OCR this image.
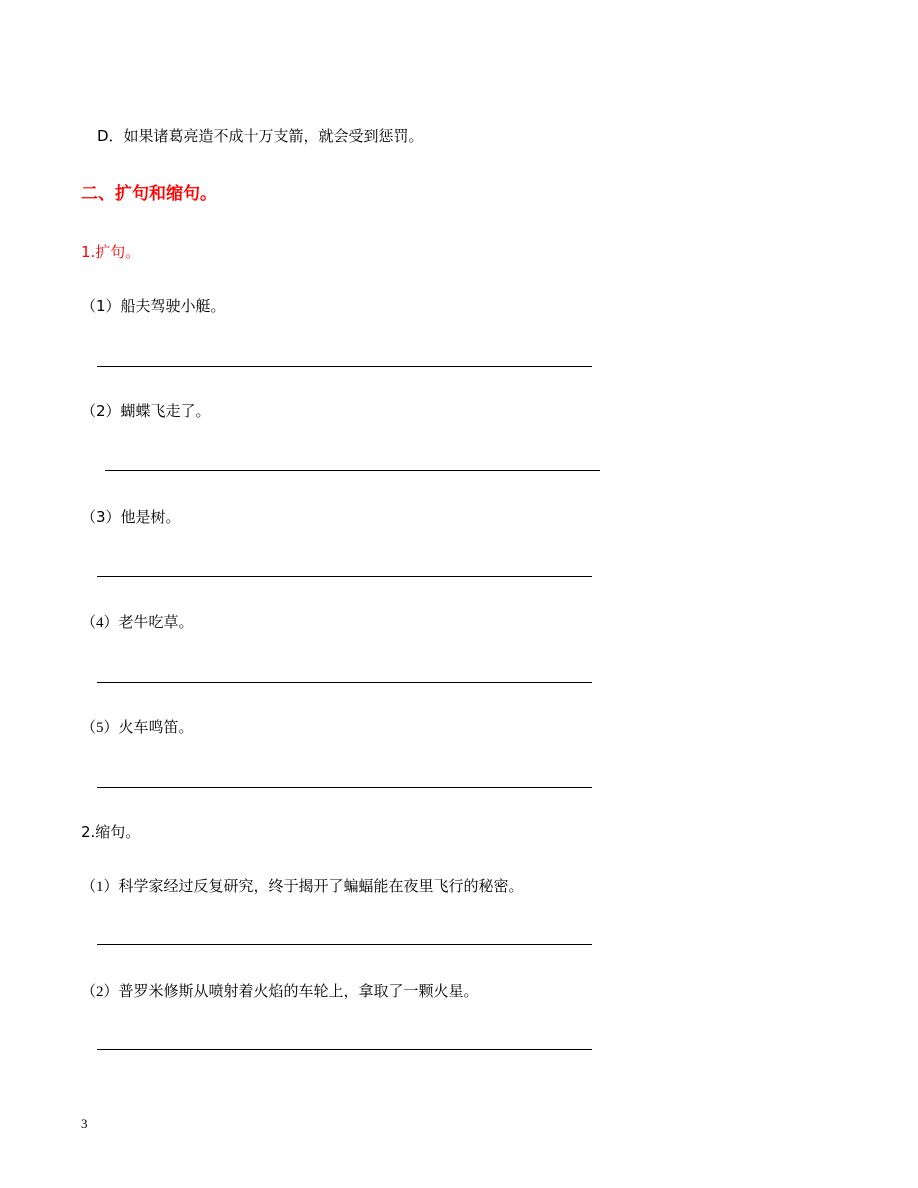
D．如果诸葛亮造不成十万支箭，就会受到惩罚。
二、扩句和缩句。
1.扩句。
（1）船夫驾驶小艇。
（2）蝴蝶飞走了。
（3）他是树。
（4）老牛吃草。
（5）火车鸣笛。
2.缩句。
（1）科学家经过反复研究，终于揭开了蝙蝠能在夜里飞行的秘密。
（2）普罗米修斯从喷射着火焰的车轮上，拿取了一颗火星。
3
